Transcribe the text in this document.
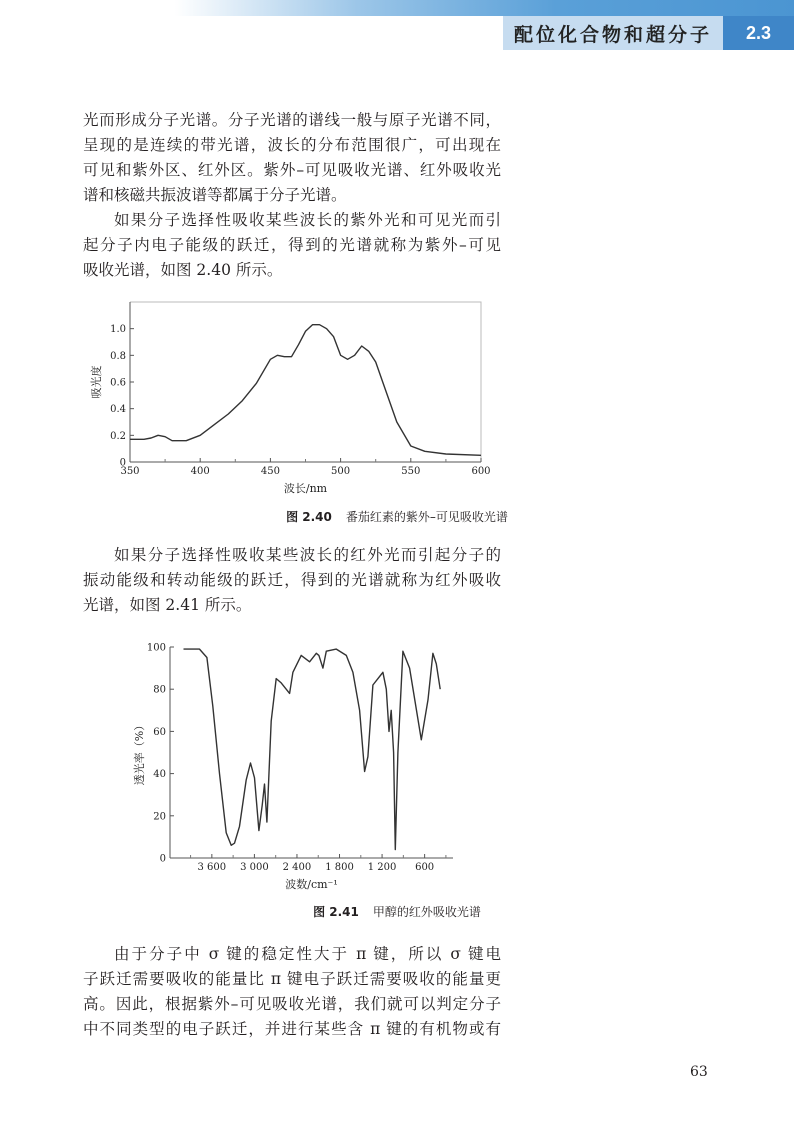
配位化合物和超分子	2.3
光而形成分子光谱。分子光谱的谱线一般与原子光谱不同，
呈现的是连续的带光谱，波长的分布范围很广，可出现在
可见和紫外区、红外区。紫外–可见吸收光谱、红外吸收光
谱和核磁共振波谱等都属于分子光谱。
如果分子选择性吸收某些波长的紫外光和可见光而引
起分子内电子能级的跃迁，得到的光谱就称为紫外–可见
吸收光谱，如图 2.40 所示。
0
0.2
0.4
0.6
0.8
1.0
350	400	450	500	550	600
波长/nm
吸光度
图 2.40 番茄红素的紫外–可见吸收光谱
如果分子选择性吸收某些波长的红外光而引起分子的
振动能级和转动能级的跃迁，得到的光谱就称为红外吸收
光谱，如图 2.41 所示。
0
20
40
60
80
100
3 600 3 000 2 400 1 800 1 200 600
波数/cm⁻¹
透光率（%）
图 2.41 甲醇的红外吸收光谱
由于分子中 σ 键的稳定性大于 π 键，所以 σ 键电
子跃迁需要吸收的能量比 π 键电子跃迁需要吸收的能量更
高。因此，根据紫外–可见吸收光谱，我们就可以判定分子
中不同类型的电子跃迁，并进行某些含 π 键的有机物或有
63
